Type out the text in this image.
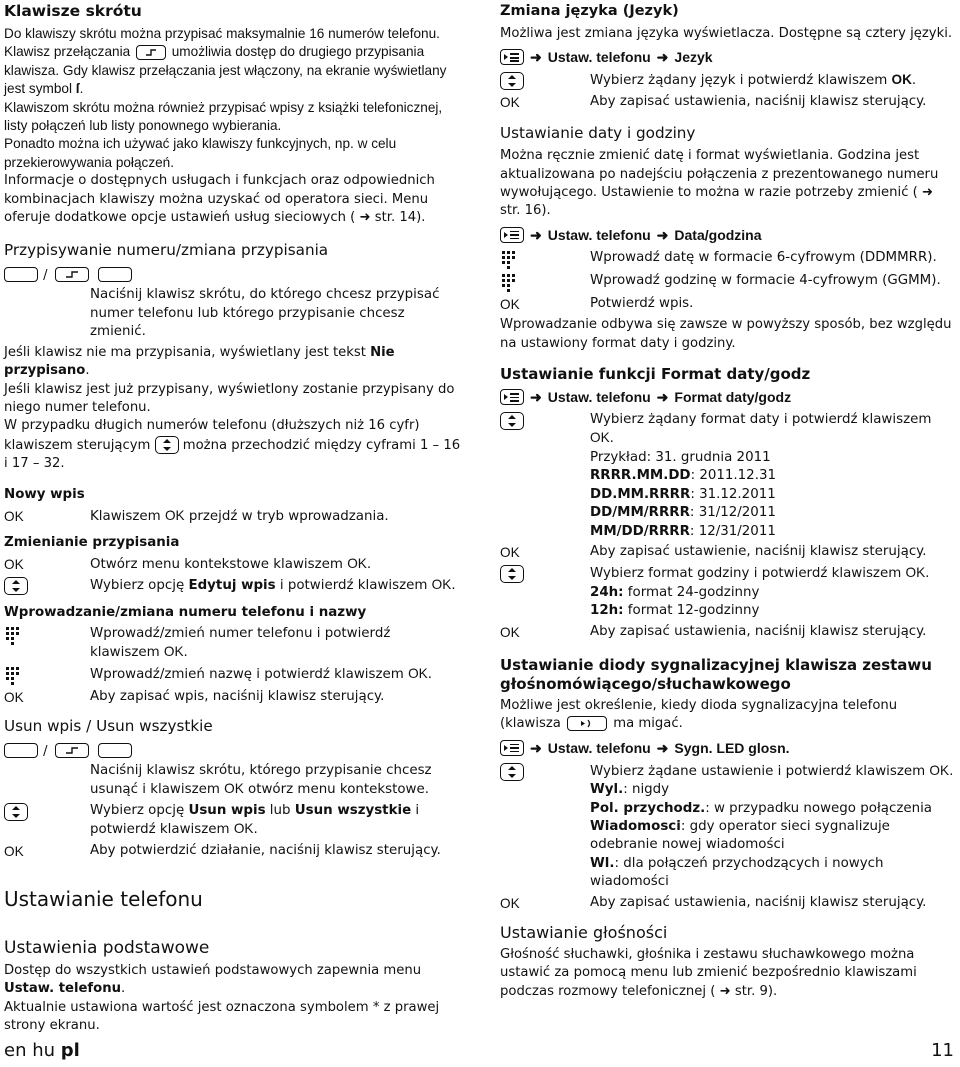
Klawisze skrótu

Do klawiszy skrótu można przypisać maksymalnie 16 numerów telefonu. Klawisz przełączania	umożliwia dostęp do drugiego przypisania klawisza. Gdy klawisz przełączania jest włączony, na ekranie wyświetlany jest symbol ſ.

Klawiszom skrótu można również przypisać wpisy z książki telefonicznej, listy połączeń lub listy ponownego wybierania.

Ponadto można ich używać jako klawiszy funkcyjnych, np. w celu przekierowywania połączeń.

Informacje o dostępnych usługach i funkcjach oraz odpowiednich kombinacjach klawiszy można uzyskać od operatora sieci. Menu oferuje dodatkowe opcje ustawień usług sieciowych ( ➜ str. 14).

Przypisywanie numeru/zmiana przypisania
/

Naciśnij klawisz skrótu, do którego chcesz przypisać numer telefonu lub którego przypisanie chcesz zmienić.

Jeśli klawisz nie ma przypisania, wyświetlany jest tekst Nie przypisano.

Jeśli klawisz jest już przypisany, wyświetlony zostanie przypisany do niego numer telefonu.

W przypadku długich numerów telefonu (dłuższych niż 16 cyfr) klawiszem sterującym można przechodzić między cyframi 1 – 16 i 17 – 32.

Nowy wpis
OK	Klawiszem OK przejdź w tryb wprowadzania.
Zmienianie przypisania
OK	Otwórz menu kontekstowe klawiszem OK.
Wybierz opcję Edytuj wpis i potwierdź klawiszem OK.
Wprowadzanie/zmiana numeru telefonu i nazwy
Wprowadź/zmień numer telefonu i potwierdź klawiszem OK.
Wprowadź/zmień nazwę i potwierdź klawiszem OK.
OK	Aby zapisać wpis, naciśnij klawisz sterujący.
Usun wpis / Usun wszystkie
/

Naciśnij klawisz skrótu, którego przypisanie chcesz usunąć i klawiszem OK otwórz menu kontekstowe.
Wybierz opcję Usun wpis lub Usun wszystkie i potwierdź klawiszem OK.
OK	Aby potwierdzić działanie, naciśnij klawisz sterujący.
Ustawianie telefonu
Ustawienia podstawowe

Dostęp do wszystkich ustawień podstawowych zapewnia menu Ustaw. telefonu.

Aktualnie ustawiona wartość jest oznaczona symbolem * z prawej strony ekranu.

Zmiana języka (Jezyk)

Możliwa jest zmiana języka wyświetlacza. Dostępne są cztery języki.

➜ Ustaw. telefonu ➜ Jezyk
Wybierz żądany język i potwierdź klawiszem OK.
OK	Aby zapisać ustawienia, naciśnij klawisz sterujący.
Ustawianie daty i godziny

Można ręcznie zmienić datę i format wyświetlania. Godzina jest aktualizowana po nadejściu połączenia z prezentowanego numeru wywołującego. Ustawienie to można w razie potrzeby zmienić ( ➜ str. 16).

➜ Ustaw. telefonu ➜ Data/godzina
Wprowadź datę w formacie 6-cyfrowym (DDMMRR).
Wprowadź godzinę w formacie 4-cyfrowym (GGMM).
OK	Potwierdź wpis.

Wprowadzanie odbywa się zawsze w powyższy sposób, bez względu na ustawiony format daty i godziny.

Ustawianie funkcji Format daty/godz
➜ Ustaw. telefonu ➜ Format daty/godz
Wybierz żądany format daty i potwierdź klawiszem OK.
Przykład: 31. grudnia 2011
RRRR.MM.DD: 2011.12.31
DD.MM.RRRR: 31.12.2011
DD/MM/RRRR: 31/12/2011
MM/DD/RRRR: 12/31/2011
OK	Aby zapisać ustawienie, naciśnij klawisz sterujący.
Wybierz format godziny i potwierdź klawiszem OK.
24h: format 24-godzinny
12h: format 12-godzinny
OK	Aby zapisać ustawienia, naciśnij klawisz sterujący.
Ustawianie diody sygnalizacyjnej klawisza zestawu głośnomówiącego/słuchawkowego

Możliwe jest określenie, kiedy dioda sygnalizacyjna telefonu (klawisza	ma migać.

➜ Ustaw. telefonu ➜ Sygn. LED glosn.
Wybierz żądane ustawienie i potwierdź klawiszem OK.
Wyl.: nigdy
Pol. przychodz.: w przypadku nowego połączenia
Wiadomosci: gdy operator sieci sygnalizuje odebranie nowej wiadomości
Wl.: dla połączeń przychodzących i nowych wiadomości
OK	Aby zapisać ustawienia, naciśnij klawisz sterujący.
Ustawianie głośności

Głośność słuchawki, głośnika i zestawu słuchawkowego można ustawić za pomocą menu lub zmienić bezpośrednio klawiszami podczas rozmowy telefonicznej ( ➜ str. 9).

en hu pl	11
